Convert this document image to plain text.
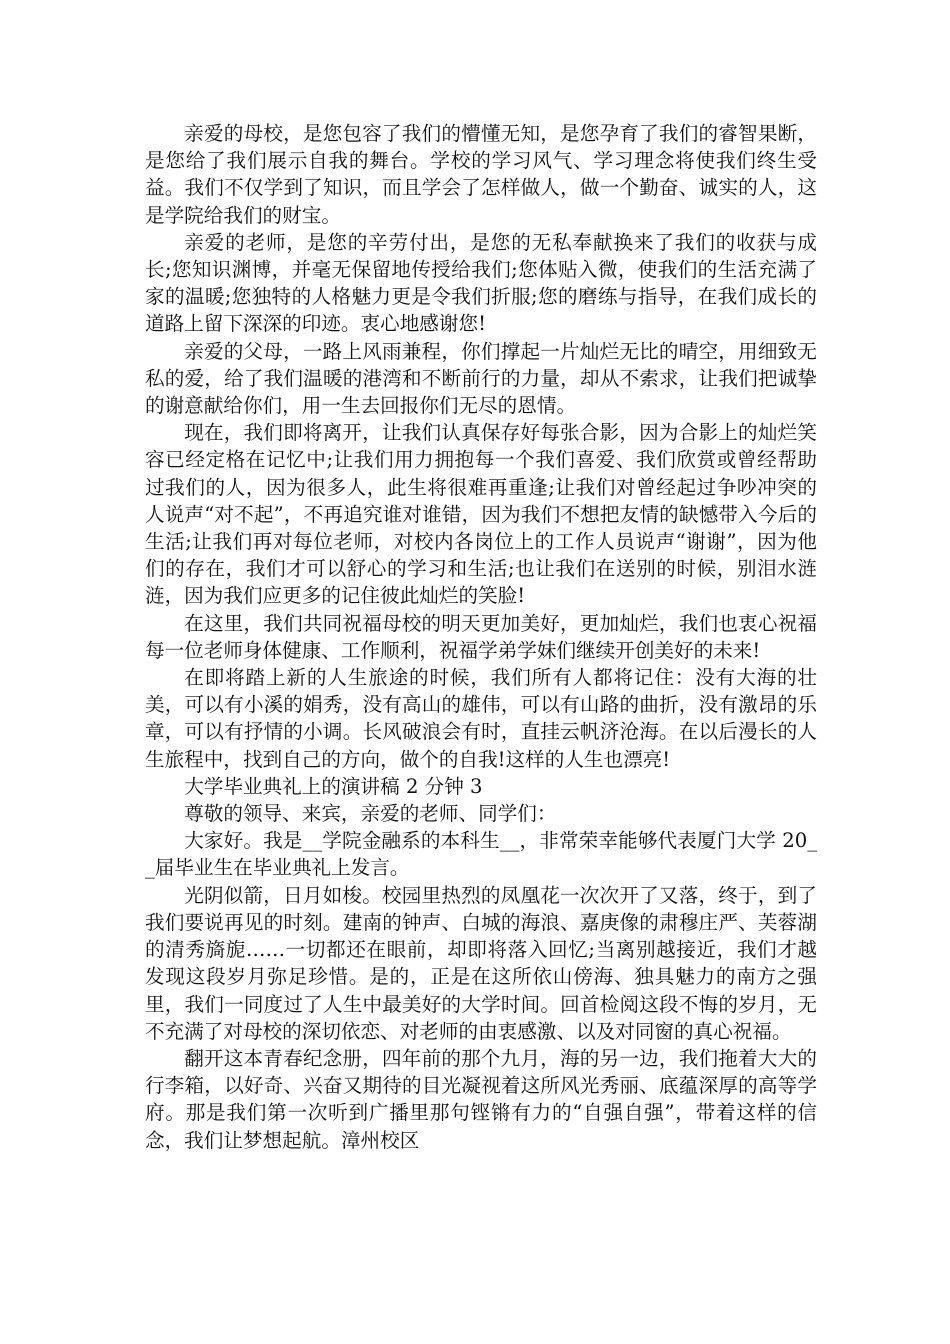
亲爱的母校，是您包容了我们的懵懂无知，是您孕育了我们的睿智果断，是您给了我们展示自我的舞台。学校的学习风气、学习理念将使我们终生受益。我们不仅学到了知识，而且学会了怎样做人，做一个勤奋、诚实的人，这是学院给我们的财宝。

亲爱的老师，是您的辛劳付出，是您的无私奉献换来了我们的收获与成长;您知识渊博，并毫无保留地传授给我们;您体贴入微，使我们的生活充满了家的温暖;您独特的人格魅力更是令我们折服;您的磨练与指导，在我们成长的道路上留下深深的印迹。衷心地感谢您!

亲爱的父母，一路上风雨兼程，你们撑起一片灿烂无比的晴空，用细致无私的爱，给了我们温暖的港湾和不断前行的力量，却从不索求，让我们把诚挚的谢意献给你们，用一生去回报你们无尽的恩情。

现在，我们即将离开，让我们认真保存好每张合影，因为合影上的灿烂笑容已经定格在记忆中;让我们用力拥抱每一个我们喜爱、我们欣赏或曾经帮助过我们的人，因为很多人，此生将很难再重逢;让我们对曾经起过争吵冲突的人说声“对不起”，不再追究谁对谁错，因为我们不想把友情的缺憾带入今后的生活;让我们再对每位老师，对校内各岗位上的工作人员说声“谢谢”，因为他们的存在，我们才可以舒心的学习和生活;也让我们在送别的时候，别泪水涟涟，因为我们应更多的记住彼此灿烂的笑脸!

在这里，我们共同祝福母校的明天更加美好，更加灿烂，我们也衷心祝福每一位老师身体健康、工作顺利，祝福学弟学妹们继续开创美好的未来!

在即将踏上新的人生旅途的时候，我们所有人都将记住：没有大海的壮美，可以有小溪的娟秀，没有高山的雄伟，可以有山路的曲折，没有激昂的乐章，可以有抒情的小调。长风破浪会有时，直挂云帆济沧海。在以后漫长的人生旅程中，找到自己的方向，做个的自我!这样的人生也漂亮!

大学毕业典礼上的演讲稿 2 分钟 3

尊敬的领导、来宾，亲爱的老师、同学们：

大家好。我是__学院金融系的本科生__，非常荣幸能够代表厦门大学 20__届毕业生在毕业典礼上发言。

光阴似箭，日月如梭。校园里热烈的凤凰花一次次开了又落，终于，到了我们要说再见的时刻。建南的钟声、白城的海浪、嘉庚像的肃穆庄严、芙蓉湖的清秀旖旎……一切都还在眼前，却即将落入回忆;当离别越接近，我们才越发现这段岁月弥足珍惜。是的，正是在这所依山傍海、独具魅力的南方之强里，我们一同度过了人生中最美好的大学时间。回首检阅这段不悔的岁月，无不充满了对母校的深切依恋、对老师的由衷感激、以及对同窗的真心祝福。

翻开这本青春纪念册，四年前的那个九月，海的另一边，我们拖着大大的行李箱，以好奇、兴奋又期待的目光凝视着这所风光秀丽、底蕴深厚的高等学府。那是我们第一次听到广播里那句铿锵有力的“自强自强”，带着这样的信念，我们让梦想起航。漳州校区
